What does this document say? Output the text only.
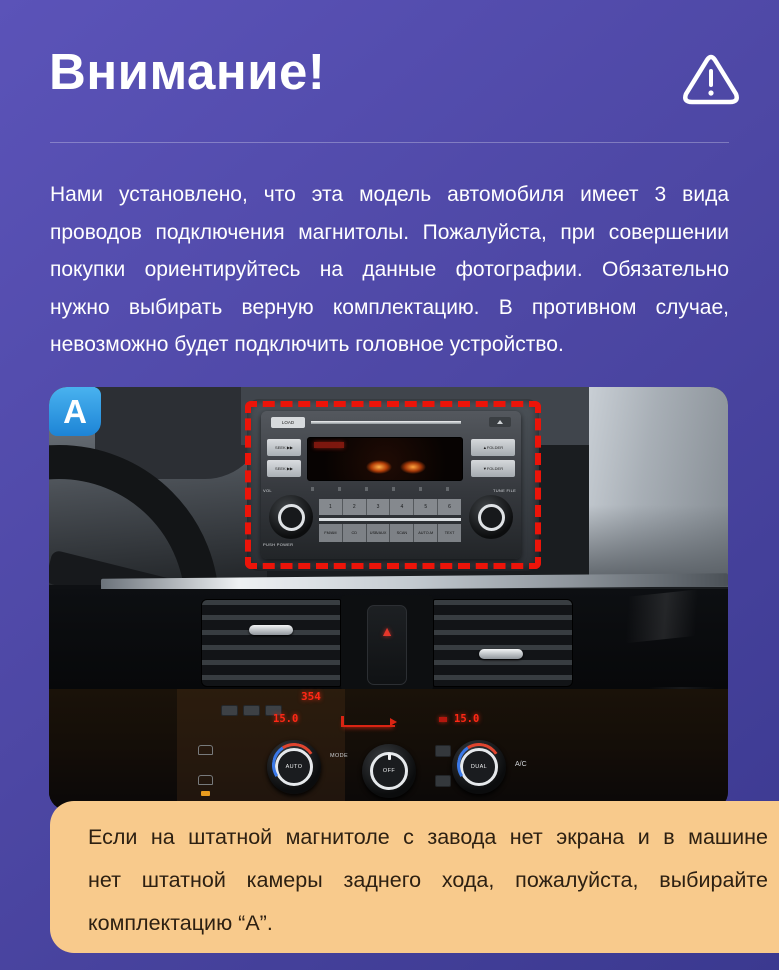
Внимание!
Нами установлено, что эта модель автомобиля имеет 3 вида
проводов подключения магнитолы. Пожалуйста, при совершении
покупки ориентируйтесь на данные фотографии. Обязательно
нужно выбирать верную комплектацию. В противном случае,
невозможно будет подключить головное устройство.
▲
354
15.0	15.0
AUTO
OFF
DUAL
MODE
A/C
LOAD
SEEK ▶▶
SEEK ▶▶
▲FOLDER
▼FOLDER
VOL
PUSH POWER
1	2	3	4	5	6
FM/AM	CD	USB/AUX	SCAN	AUTO-M	TEXT
TUNE FILE
A
Если на штатной магнитоле с завода нет экрана и в машине
нет штатной камеры заднего хода, пожалуйста, выбирайте
комплектацию “А”.
